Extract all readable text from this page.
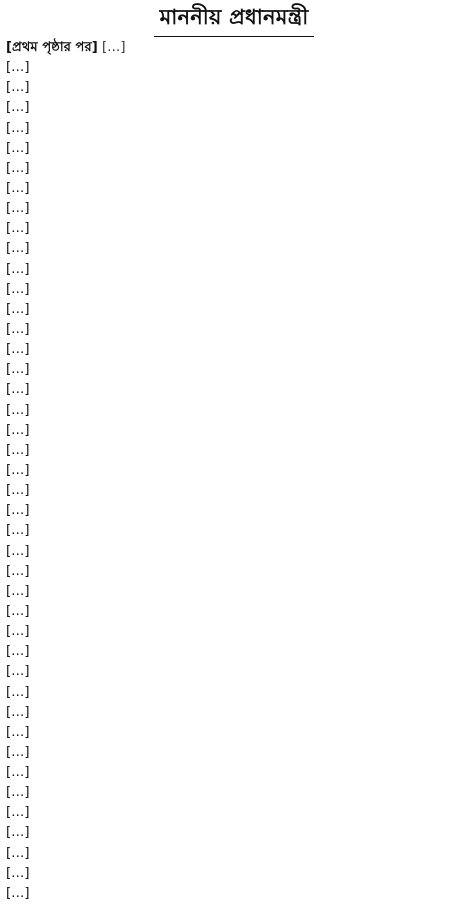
মাননীয় প্রধানমন্ত্রী
[প্রথম পৃষ্ঠার পর] […]
[…]
[…]
[…]
[…]
[…]
[…]
[…]
[…]
[…]
[…]
[…]
[…]
[…]
[…]
[…]
[…]
[…]
[…]
[…]
[…]
[…]
[…]
[…]
[…]
[…]
[…]
[…]
[…]
[…]
[…]
[…]
[…]
[…]
[…]
[…]
[…]
[…]
[…]
[…]
[…]
[…]
[…]
